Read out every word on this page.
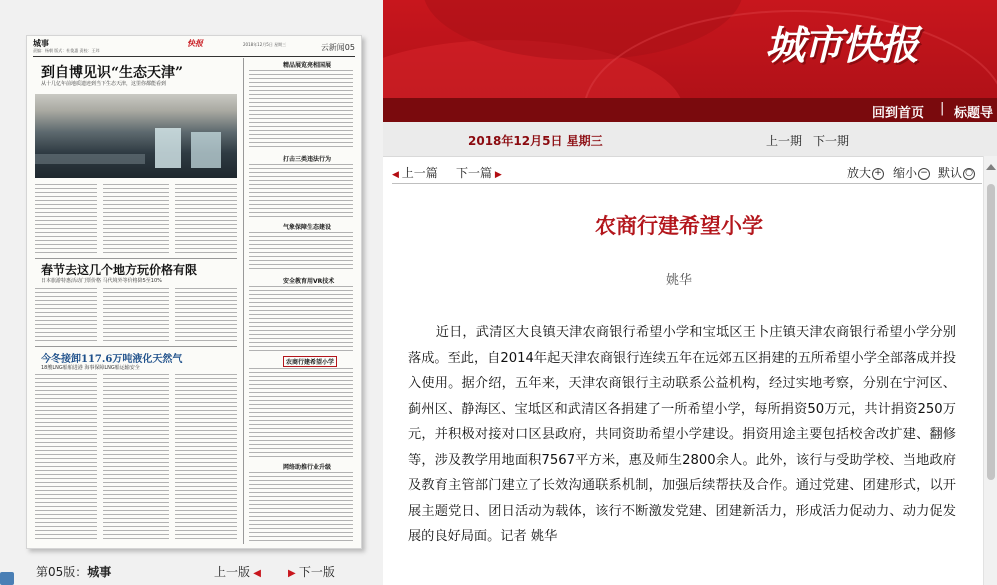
城事
责编：杨朝 版式：杜俊惠 责校：王玮
快报	2018年12月5日 星期三	云新闻05
到自博见识“生态天津”
从十几亿年前地质遗迹到当下生态天津，这里你都能看到
春节去这几个地方玩价格有限
日本旅游特惠活动门票价格 马代境外等价格降5至10%
今冬接卸117.6万吨液化天然气
18艘LNG船舶进港 海事保障LNG船运输安全
精品展览亮相国展
打击三类违法行为
气象保障生态建设
安全教育用VR技术
农商行建希望小学
网络助推行业升级
第05版：城事	上一版 ◀	▶ 下一版
城市快报
回到首页 | 标题导
2018年12月5日 星期三	上一期 下一期
◀ 上一篇 下一篇 ▶	放大 + 缩小 − 默认 ○
农商行建希望小学
姚华

近日，武清区大良镇天津农商银行希望小学和宝坻区王卜庄镇天津农商银行希望小学分别落成。至此，自2014年起天津农商银行连续五年在远郊五区捐建的五所希望小学全部落成并投入使用。据介绍，五年来，天津农商银行主动联系公益机构，经过实地考察，分别在宁河区、蓟州区、静海区、宝坻区和武清区各捐建了一所希望小学，每所捐资50万元，共计捐资250万元，并积极对接对口区县政府，共同资助希望小学建设。捐资用途主要包括校舍改扩建、翻修等，涉及教学用地面积7567平方米，惠及师生2800余人。此外，该行与受助学校、当地政府及教育主管部门建立了长效沟通联系机制，加强后续帮扶及合作。通过党建、团建形式，以开展主题党日、团日活动为载体，该行不断激发党建、团建新活力，形成活力促动力、动力促发展的良好局面。记者 姚华
